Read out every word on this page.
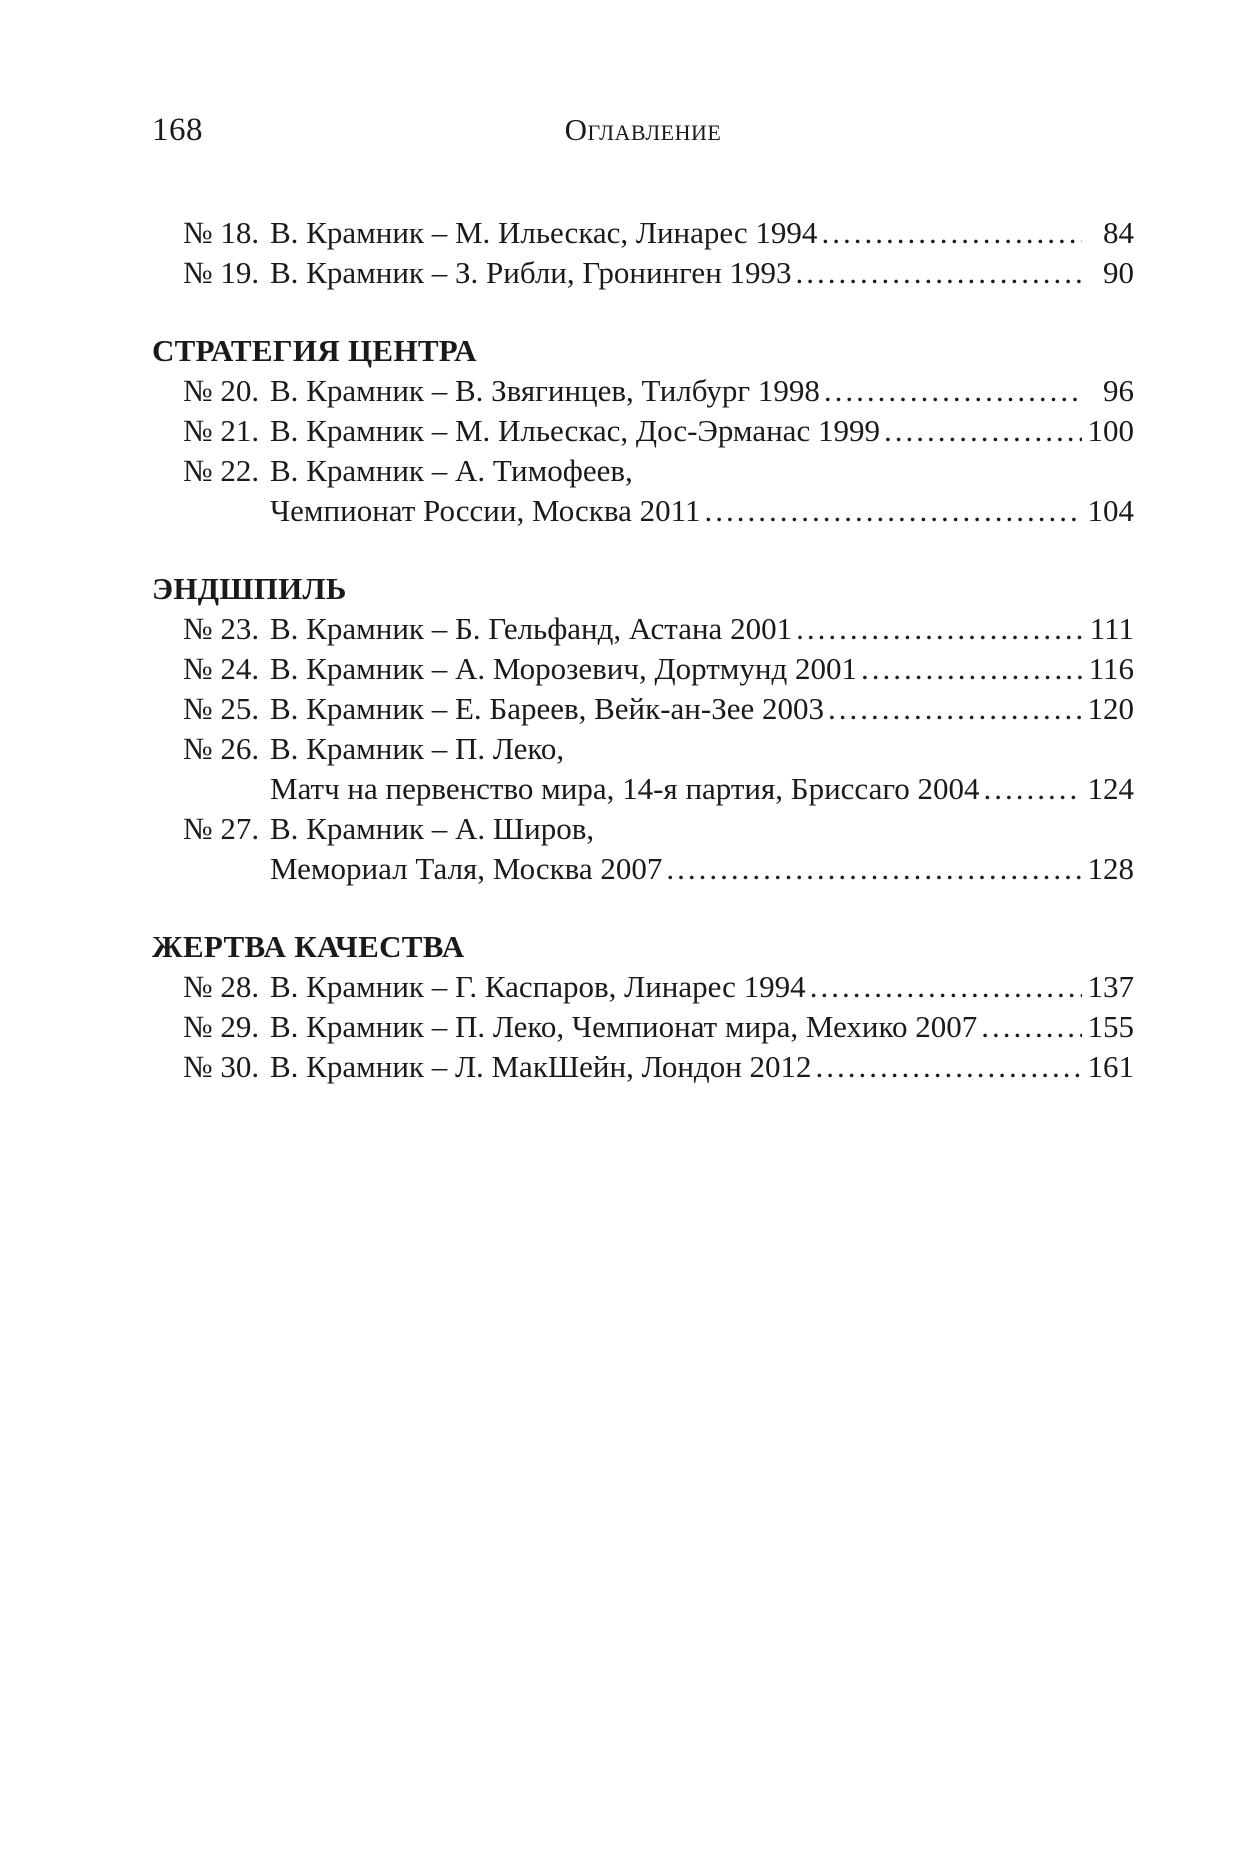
168	Оглавление
№ 18. В. Крамник – М. Ильескас, Линарес 1994 .....	84
№ 19. В. Крамник – З. Рибли, Гронинген 1993 .....	90
СТРАТЕГИЯ ЦЕНТРА
№ 20. В. Крамник – В. Звягинцев, Тилбург 1998 .....	96
№ 21. В. Крамник – М. Ильескас, Дос-Эрманас 1999 .....	100
№ 22. В. Крамник – А. Тимофеев,
Чемпионат России, Москва 2011 .....	104
ЭНДШПИЛЬ
№ 23. В. Крамник – Б. Гельфанд, Астана 2001 .....	111
№ 24. В. Крамник – А. Морозевич, Дортмунд 2001 .....	116
№ 25. В. Крамник – Е. Бареев, Вейк-ан-Зее 2003 .....	120
№ 26. В. Крамник – П. Леко,
Матч на первенство мира, 14-я партия, Бриссаго 2004 .....	124
№ 27. В. Крамник – А. Широв,
Мемориал Таля, Москва 2007 .....	128
ЖЕРТВА КАЧЕСТВА
№ 28. В. Крамник – Г. Каспаров, Линарес 1994 .....	137
№ 29. В. Крамник – П. Леко, Чемпионат мира, Мехико 2007 .....	155
№ 30. В. Крамник – Л. МакШейн, Лондон 2012 .....	161
